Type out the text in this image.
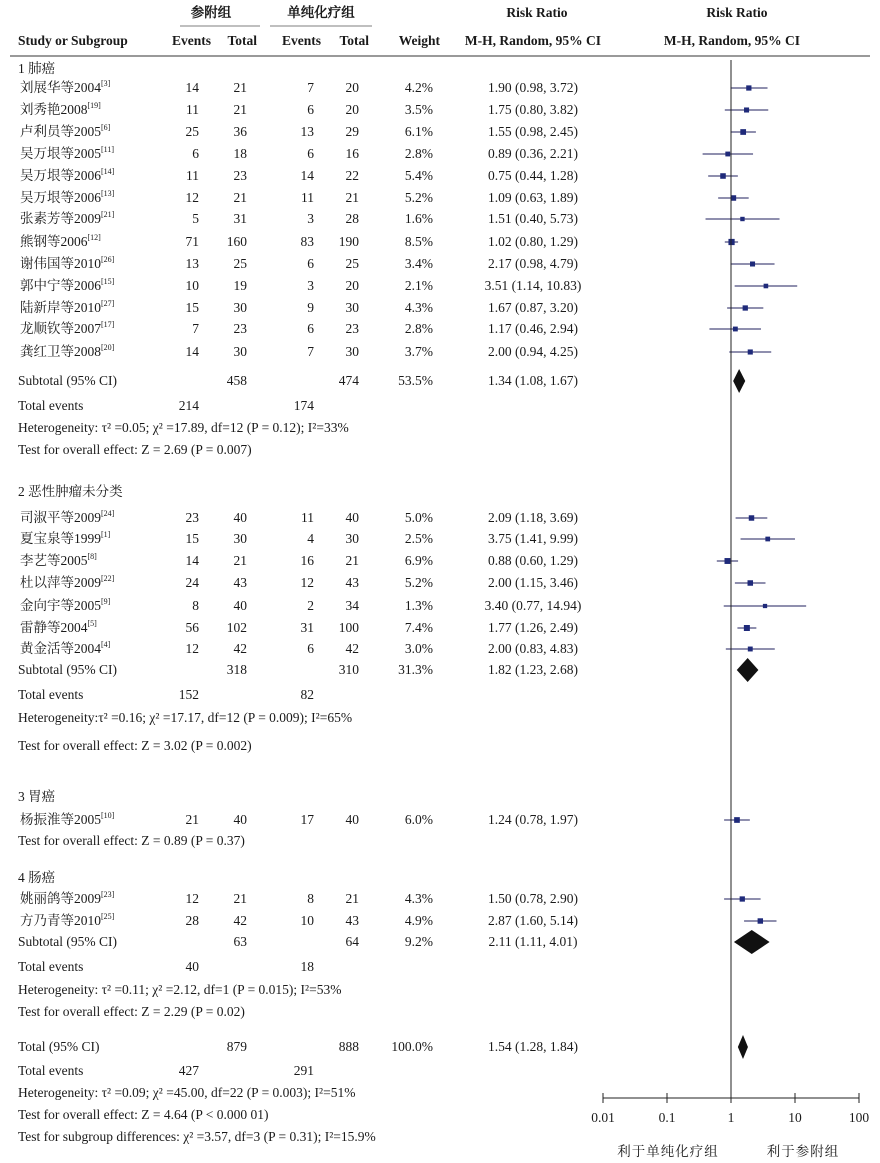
参附组	单纯化疗组	Risk Ratio	Risk Ratio
Study or Subgroup	Events Total Events Total Weight M-H, Random, 95% CI	M-H, Random, 95% CI
1 肺癌
刘展华等2004[3]	14	21	7 20	4.2%	1.90 (0.98, 3.72)
刘秀艳2008[19]	11	21	6 20	3.5%	1.75 (0.80, 3.82)
卢利员等2005[6]	25	36	13 29	6.1%	1.55 (0.98, 2.45)
吴万垠等2005[11]	6	18	6 16	2.8%	0.89 (0.36, 2.21)
吴万垠等2006[14]	11	23	14 22	5.4%	0.75 (0.44, 1.28)
吴万垠等2006[13]	12	21	11 21	5.2%	1.09 (0.63, 1.89)
张素芳等2009[21]	5	31	3 28	1.6%	1.51 (0.40, 5.73)
熊钢等2006[12]	71 160	83 190	8.5%	1.02 (0.80, 1.29)
谢伟国等2010[26]	13	25	6 25	3.4%	2.17 (0.98, 4.79)
郭中宁等2006[15]	10	19	3 20	2.1%	3.51 (1.14, 10.83)
陆新岸等2010[27]	15	30	9 30	4.3%	1.67 (0.87, 3.20)
龙顺钦等2007[17]	7	23	6 23	2.8%	1.17 (0.46, 2.94)
龚红卫等2008[20]	14	30	7 30	3.7%	2.00 (0.94, 4.25)
Subtotal (95% CI)	458	474	53.5%	1.34 (1.08, 1.67)
Total events	214	174
Heterogeneity: τ² =0.05; χ² =17.89, df=12 (P = 0.12); I²=33%
Test for overall effect: Z = 2.69 (P = 0.007)
2 恶性肿瘤未分类
司淑平等2009[24]	23	40	11 40	5.0%	2.09 (1.18, 3.69)
夏宝泉等1999[1]	15	30	4 30	2.5%	3.75 (1.41, 9.99)
李艺等2005[8]	14	21	16 21	6.9%	0.88 (0.60, 1.29)
杜以萍等2009[22]	24	43	12 43	5.2%	2.00 (1.15, 3.46)
金向宇等2005[9]	8	40	2 34	1.3%	3.40 (0.77, 14.94)
雷静等2004[5]	56 102	31 100	7.4%	1.77 (1.26, 2.49)
黄金活等2004[4]	12	42	6 42	3.0%	2.00 (0.83, 4.83)
Subtotal (95% CI)	318	310	31.3%	1.82 (1.23, 2.68)
Total events	152	82
Heterogeneity:τ² =0.16; χ² =17.17, df=12 (P = 0.009); I²=65%
Test for overall effect: Z = 3.02 (P = 0.002)
3 胃癌
杨振淮等2005[10]	21	40	17 40	6.0%	1.24 (0.78, 1.97)
Test for overall effect: Z = 0.89 (P = 0.37)
4 肠癌
姚丽鸽等2009[23]	12	21	8 21	4.3%	1.50 (0.78, 2.90)
方乃青等2010[25]	28	42	10 43	4.9%	2.87 (1.60, 5.14)
Subtotal (95% CI)	63	64	9.2%	2.11 (1.11, 4.01)
Total events	40	18
Heterogeneity: τ² =0.11; χ² =2.12, df=1 (P = 0.015); I²=53%
Test for overall effect: Z = 2.29 (P = 0.02)
Total (95% CI)	879	888 100.0%	1.54 (1.28, 1.84)
Total events	427	291
Heterogeneity: τ² =0.09; χ² =45.00, df=22 (P = 0.003); I²=51%
Test for overall effect: Z = 4.64 (P < 0.000 01)
Test for subgroup differences: χ² =3.57, df=3 (P = 0.31); I²=15.9%
0.01	0.1	1	10	100
利于单纯化疗组	利于参附组
